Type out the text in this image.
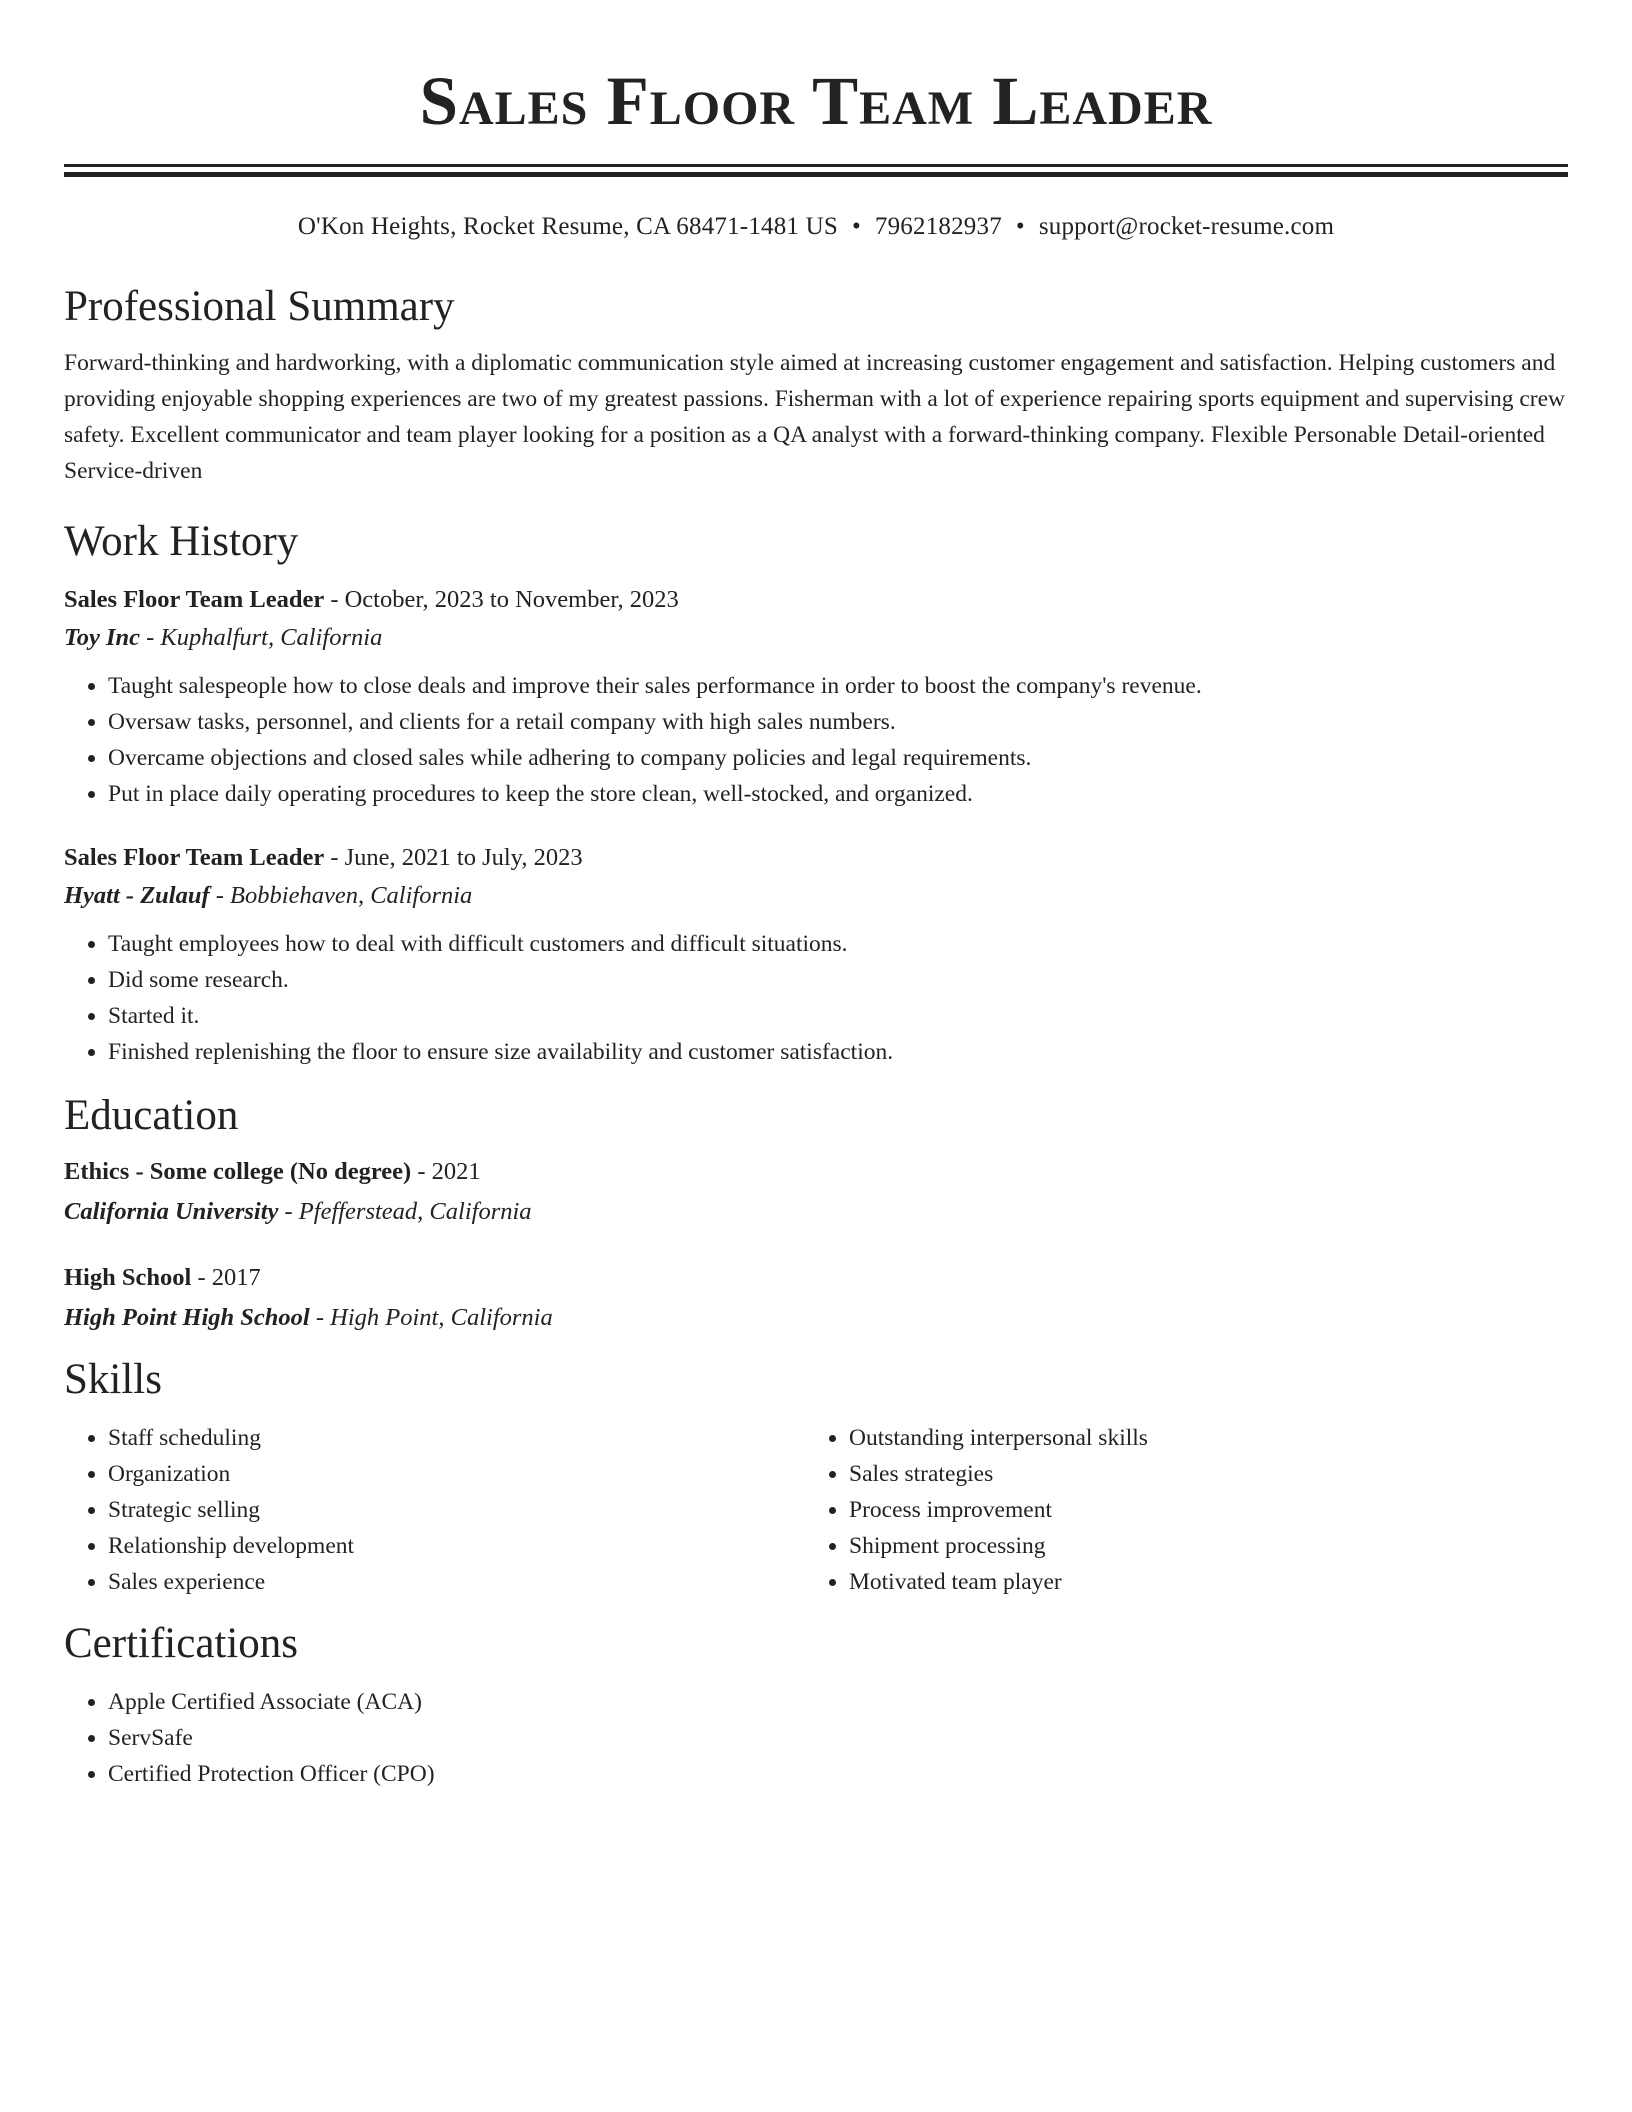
Sales Floor Team Leader
O'Kon Heights, Rocket Resume, CA 68471-1481 US • 7962182937 • support@rocket-resume.com
Professional Summary

Forward-thinking and hardworking, with a diplomatic communication style aimed at increasing customer engagement and satisfaction. Helping customers and providing enjoyable shopping experiences are two of my greatest passions. Fisherman with a lot of experience repairing sports equipment and supervising crew safety. Excellent communicator and team player looking for a position as a QA analyst with a forward-thinking company. Flexible Personable Detail-oriented Service-driven

Work History
Sales Floor Team Leader - October, 2023 to November, 2023
Toy Inc - Kuphalfurt, California
• Taught salespeople how to close deals and improve their sales performance in order to boost the company's revenue.
• Oversaw tasks, personnel, and clients for a retail company with high sales numbers.
• Overcame objections and closed sales while adhering to company policies and legal requirements.
• Put in place daily operating procedures to keep the store clean, well-stocked, and organized.
Sales Floor Team Leader - June, 2021 to July, 2023
Hyatt - Zulauf - Bobbiehaven, California
• Taught employees how to deal with difficult customers and difficult situations.
• Did some research.
• Started it.
• Finished replenishing the floor to ensure size availability and customer satisfaction.
Education
Ethics - Some college (No degree) - 2021
California University - Pfefferstead, California
High School - 2017
High Point High School - High Point, California
Skills
• Staff scheduling
• Organization
• Strategic selling
• Relationship development
• Sales experience
• Outstanding interpersonal skills
• Sales strategies
• Process improvement
• Shipment processing
• Motivated team player
Certifications
• Apple Certified Associate (ACA)
• ServSafe
• Certified Protection Officer (CPO)
